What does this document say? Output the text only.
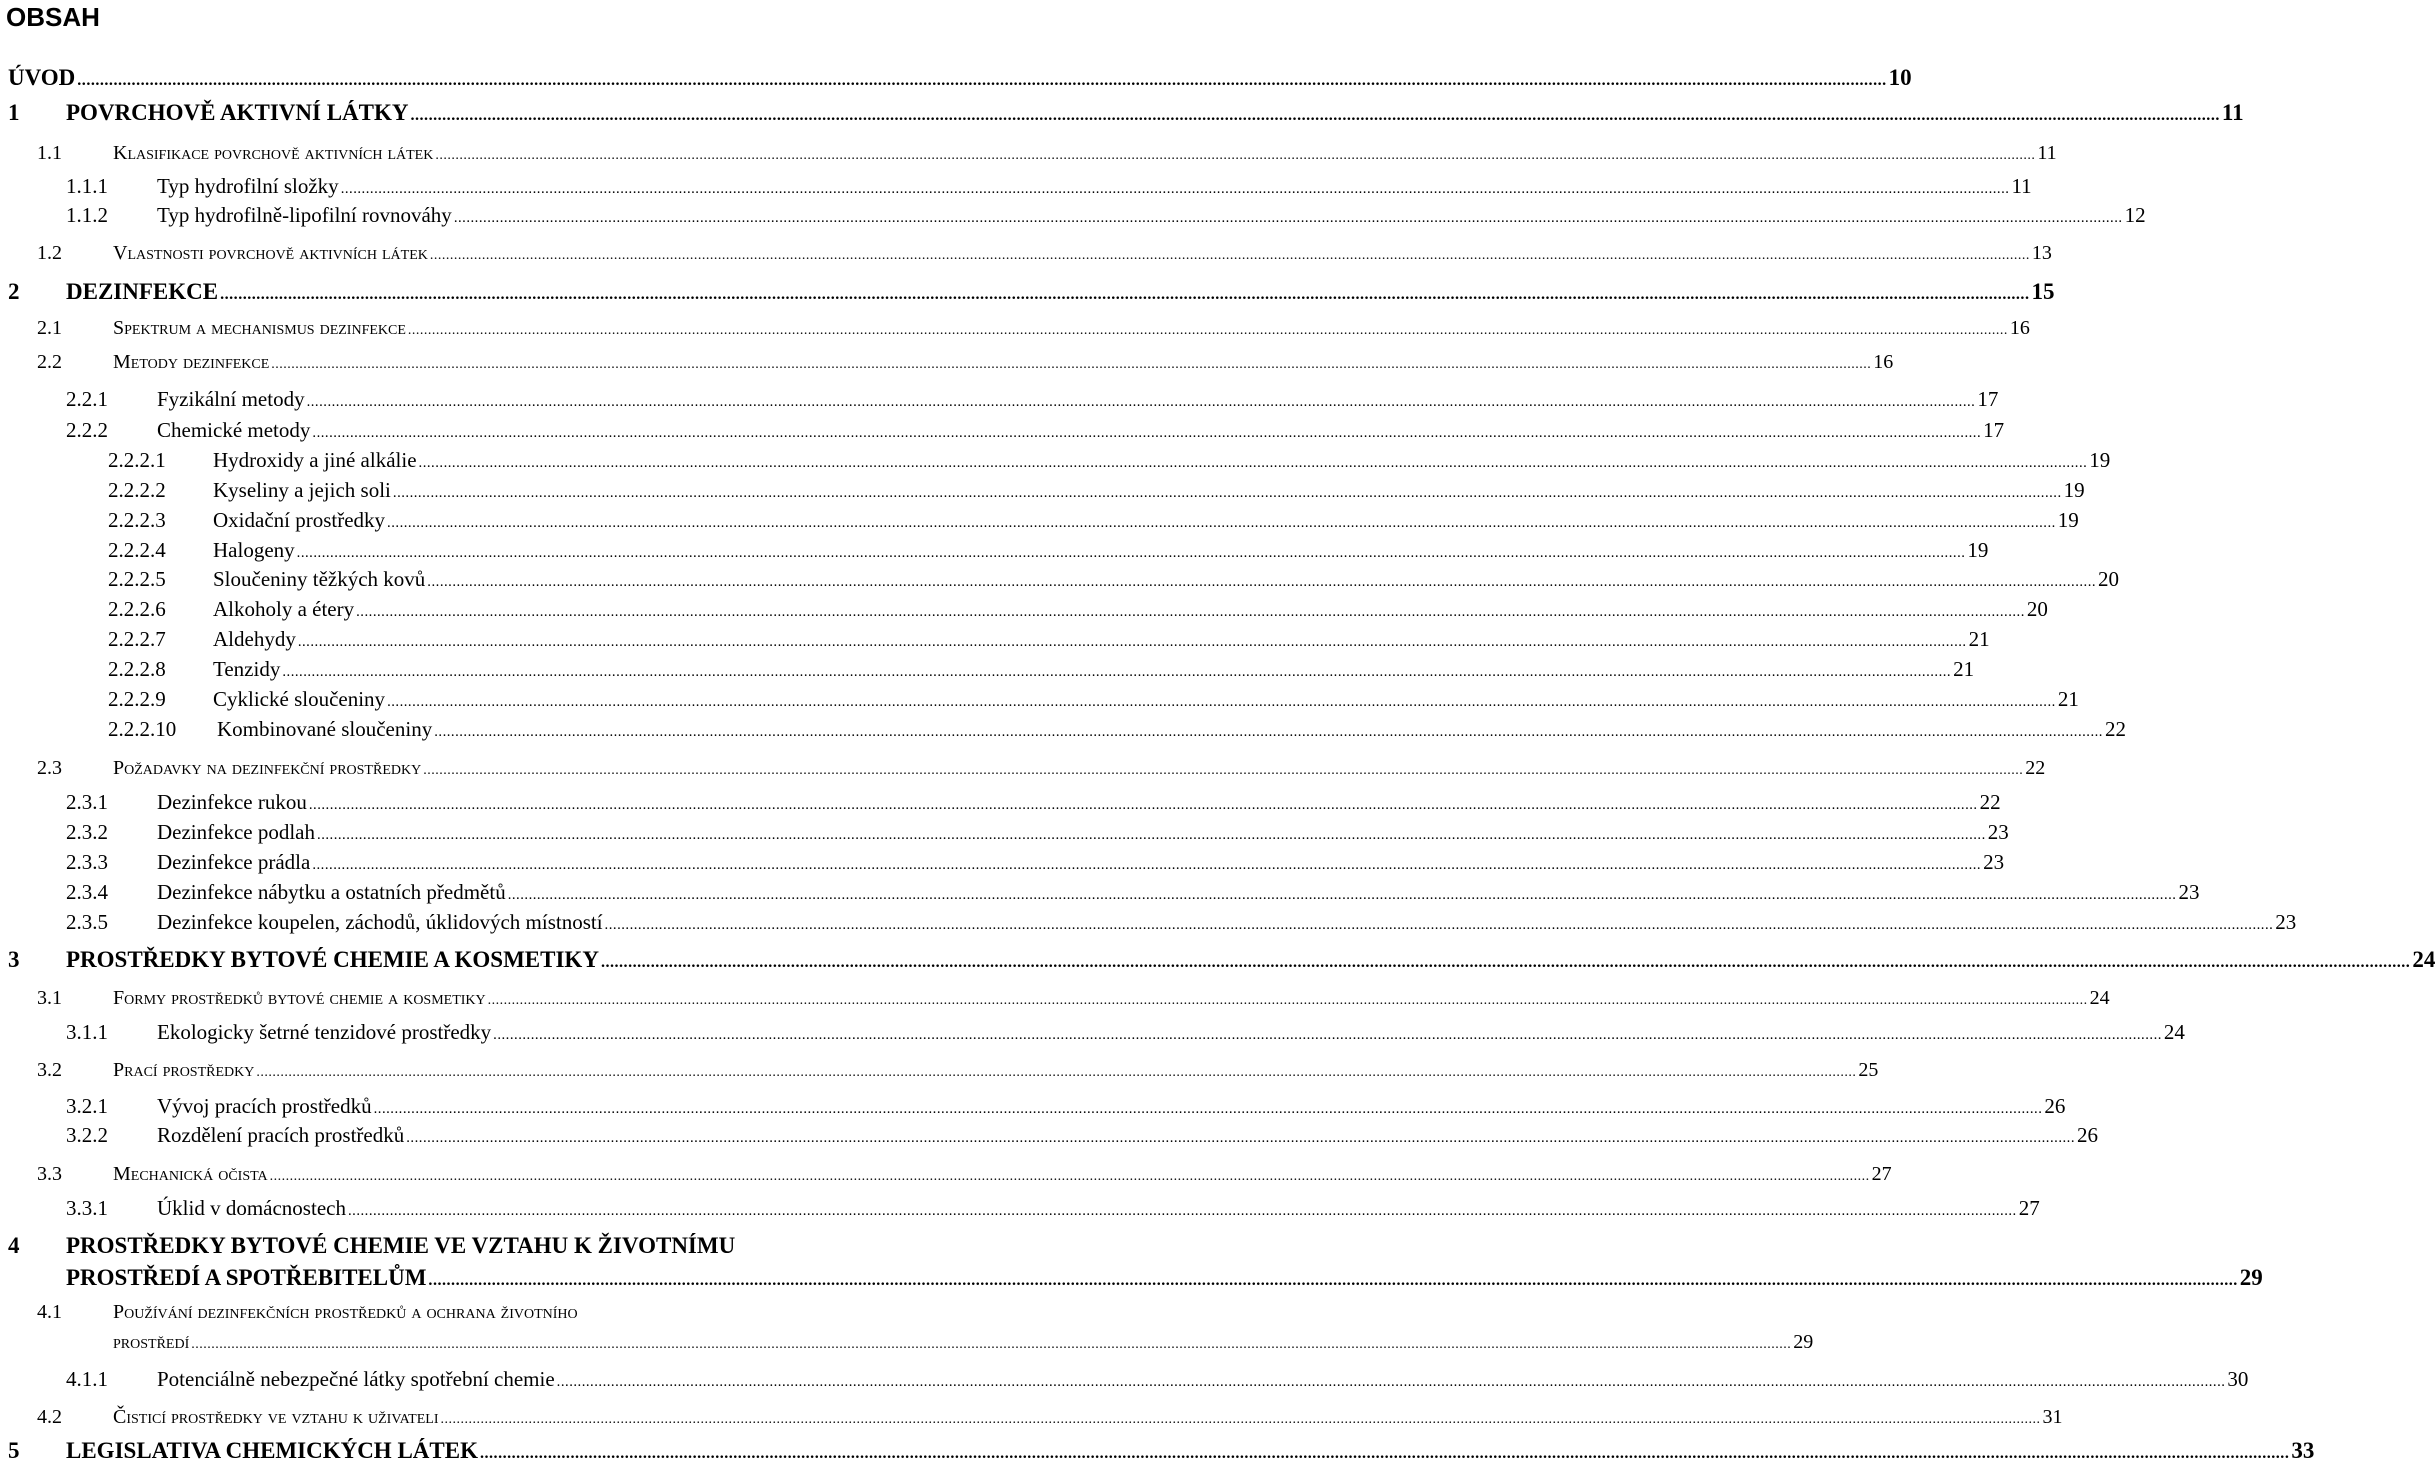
OBSAH
ÚVOD ................................................................................................................................................................................................................................................................................................................................................................................................................ 10
1 POVRCHOVĚ AKTIVNÍ LÁTKY ................................................................................................................................................................................................................................................................................................................................................................................................................ 11
1.1	Klasifikace povrchově aktivních látek ................................................................................................................................................................................................................................................................................................................................................................................................................ 11
1.1.1 Typ hydrofilní složky ................................................................................................................................................................................................................................................................................................................................................................................................................ 11
1.1.2 Typ hydrofilně-lipofilní rovnováhy ................................................................................................................................................................................................................................................................................................................................................................................................................ 12
1.2	Vlastnosti povrchově aktivních látek ................................................................................................................................................................................................................................................................................................................................................................................................................ 13
2 DEZINFEKCE ................................................................................................................................................................................................................................................................................................................................................................................................................ 15
2.1	Spektrum a mechanismus dezinfekce ................................................................................................................................................................................................................................................................................................................................................................................................................ 16
2.2	Metody dezinfekce ................................................................................................................................................................................................................................................................................................................................................................................................................ 16
2.2.1 Fyzikální metody ................................................................................................................................................................................................................................................................................................................................................................................................................ 17
2.2.2 Chemické metody ................................................................................................................................................................................................................................................................................................................................................................................................................ 17
2.2.2.1 Hydroxidy a jiné alkálie ................................................................................................................................................................................................................................................................................................................................................................................................................ 19
2.2.2.2 Kyseliny a jejich soli ................................................................................................................................................................................................................................................................................................................................................................................................................ 19
2.2.2.3 Oxidační prostředky ................................................................................................................................................................................................................................................................................................................................................................................................................ 19
2.2.2.4 Halogeny ................................................................................................................................................................................................................................................................................................................................................................................................................ 19
2.2.2.5 Sloučeniny těžkých kovů ................................................................................................................................................................................................................................................................................................................................................................................................................ 20
2.2.2.6 Alkoholy a étery ................................................................................................................................................................................................................................................................................................................................................................................................................ 20
2.2.2.7 Aldehydy ................................................................................................................................................................................................................................................................................................................................................................................................................ 21
2.2.2.8 Tenzidy ................................................................................................................................................................................................................................................................................................................................................................................................................ 21
2.2.2.9 Cyklické sloučeniny ................................................................................................................................................................................................................................................................................................................................................................................................................ 21
2.2.2.10 Kombinované sloučeniny ................................................................................................................................................................................................................................................................................................................................................................................................................ 22
2.3	Požadavky na dezinfekční prostředky ................................................................................................................................................................................................................................................................................................................................................................................................................ 22
2.3.1 Dezinfekce rukou ................................................................................................................................................................................................................................................................................................................................................................................................................ 22
2.3.2 Dezinfekce podlah ................................................................................................................................................................................................................................................................................................................................................................................................................ 23
2.3.3 Dezinfekce prádla ................................................................................................................................................................................................................................................................................................................................................................................................................ 23
2.3.4 Dezinfekce nábytku a ostatních předmětů ................................................................................................................................................................................................................................................................................................................................................................................................................ 23
2.3.5 Dezinfekce koupelen, záchodů, úklidových místností ................................................................................................................................................................................................................................................................................................................................................................................................................ 23
3 PROSTŘEDKY BYTOVÉ CHEMIE A KOSMETIKY ................................................................................................................................................................................................................................................................................................................................................................................................................ 24
3.1	Formy prostředků bytové chemie a kosmetiky ................................................................................................................................................................................................................................................................................................................................................................................................................ 24
3.1.1 Ekologicky šetrné tenzidové prostředky ................................................................................................................................................................................................................................................................................................................................................................................................................ 24
3.2	Prací prostředky ................................................................................................................................................................................................................................................................................................................................................................................................................ 25
3.2.1 Vývoj pracích prostředků ................................................................................................................................................................................................................................................................................................................................................................................................................ 26
3.2.2 Rozdělení pracích prostředků ................................................................................................................................................................................................................................................................................................................................................................................................................ 26
3.3	Mechanická očista ................................................................................................................................................................................................................................................................................................................................................................................................................ 27
3.3.1 Úklid v domácnostech ................................................................................................................................................................................................................................................................................................................................................................................................................ 27
4 PROSTŘEDKY BYTOVÉ CHEMIE VE VZTAHU K ŽIVOTNÍMU
PROSTŘEDÍ A SPOTŘEBITELŮM ................................................................................................................................................................................................................................................................................................................................................................................................................ 29
4.1	Používání dezinfekčních prostředků a ochrana životního
prostředí ................................................................................................................................................................................................................................................................................................................................................................................................................ 29
4.1.1 Potenciálně nebezpečné látky spotřební chemie ................................................................................................................................................................................................................................................................................................................................................................................................................ 30
4.2	Čisticí prostředky ve vztahu k uživateli ................................................................................................................................................................................................................................................................................................................................................................................................................ 31
5 LEGISLATIVA CHEMICKÝCH LÁTEK ................................................................................................................................................................................................................................................................................................................................................................................................................ 33
